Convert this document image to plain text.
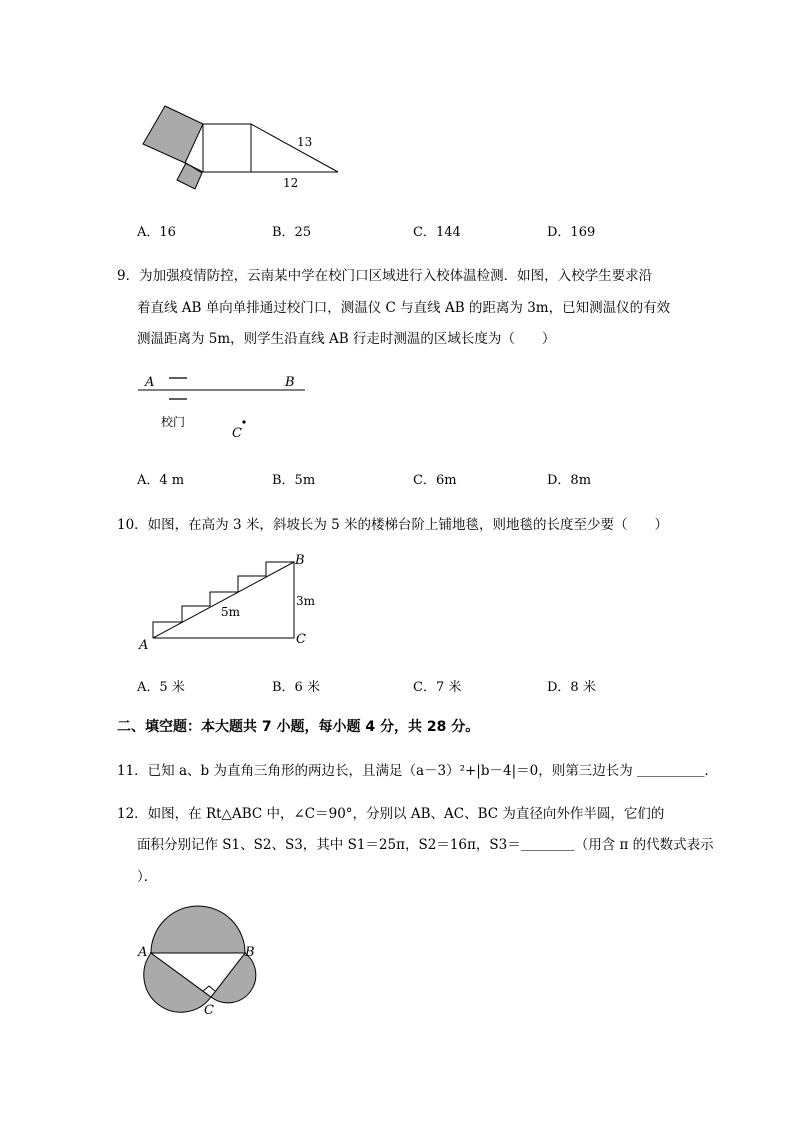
13
12
A．16	B．25	C．144	D．169
9．为加强疫情防控，云南某中学在校门口区域进行入校体温检测．如图，入校学生要求沿
着直线 AB 单向单排通过校门口，测温仪 C 与直线 AB 的距离为 3m，已知测温仪的有效
测温距离为 5m，则学生沿直线 AB 行走时测温的区域长度为（　　）
A	B
校门
C
A．4 m	B．5m	C．6m	D．8m
10．如图，在高为 3 米，斜坡长为 5 米的楼梯台阶上铺地毯，则地毯的长度至少要（　　）
B
3m
5m
A	C
A．5 米	B．6 米	C．7 米	D．8 米
二、填空题：本大题共 7 小题，每小题 4 分，共 28 分。
11．已知 a、b 为直角三角形的两边长，且满足（a－3）²+|b－4|＝0，则第三边长为 ＿＿＿＿＿．
12．如图，在 Rt△ABC 中，∠C＝90°，分别以 AB、AC、BC 为直径向外作半圆，它们的
面积分别记作 S1、S2、S3，其中 S1＝25π，S2＝16π，S3＝＿＿＿＿（用含 π 的代数式表示
）．
A	B
C
